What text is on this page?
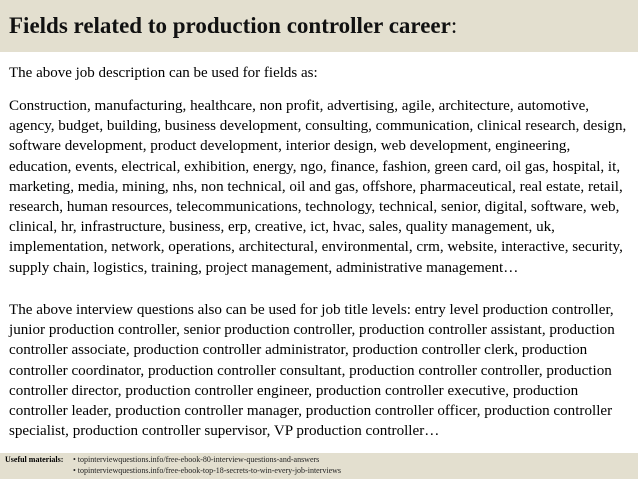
Fields related to production controller career:
The above job description can be used for fields as:
Construction, manufacturing, healthcare, non profit, advertising, agile, architecture, automotive, agency, budget, building, business development, consulting, communication, clinical research, design, software development, product development, interior design, web development, engineering, education, events, electrical, exhibition, energy, ngo, finance, fashion, green card, oil gas, hospital, it, marketing, media, mining, nhs, non technical, oil and gas, offshore, pharmaceutical, real estate, retail, research, human resources, telecommunications, technology, technical, senior, digital, software, web, clinical, hr, infrastructure, business, erp, creative, ict, hvac, sales, quality management, uk, implementation, network, operations, architectural, environmental, crm, website, interactive, security, supply chain, logistics, training, project management, administrative management…
The above interview questions also can be used for job title levels: entry level production controller, junior production controller, senior production controller, production controller assistant, production controller associate, production controller administrator, production controller clerk, production controller coordinator, production controller consultant, production controller controller, production controller director, production controller engineer, production controller executive, production controller leader, production controller manager, production controller officer, production controller specialist, production controller supervisor, VP production controller…
Useful materials: • topinterviewquestions.info/free-ebook-80-interview-questions-and-answers
• topinterviewquestions.info/free-ebook-top-18-secrets-to-win-every-job-interviews
